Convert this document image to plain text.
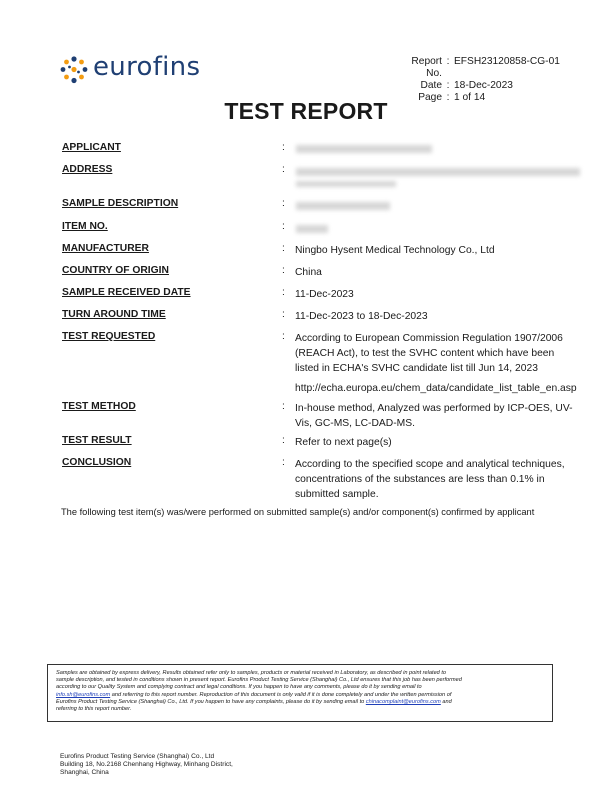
eurofins	Report No.
: EFSH23120858-CG-01
Date : 18-Dec-2023
Page : 1 of 14
TEST REPORT
APPLICANT	:
ADDRESS	:
SAMPLE DESCRIPTION	:
ITEM NO.	:
MANUFACTURER	: Ningbo Hysent Medical Technology Co., Ltd
COUNTRY OF ORIGIN	: China
SAMPLE RECEIVED DATE	: 11-Dec-2023
TURN AROUND TIME	: 11-Dec-2023 to 18-Dec-2023
TEST REQUESTED	: According to European Commission Regulation 1907/2006
(REACH Act), to test the SVHC content which have been
listed in ECHA's SVHC candidate list till Jun 14, 2023
http://echa.europa.eu/chem_data/candidate_list_table_en.asp
TEST METHOD	: In-house method, Analyzed was performed by ICP-OES, UV-
Vis, GC-MS, LC-DAD-MS.
TEST RESULT	: Refer to next page(s)
CONCLUSION	: According to the specified scope and analytical techniques,
concentrations of the substances are less than 0.1% in
submitted sample.
The following test item(s) was/were performed on submitted sample(s) and/or component(s) confirmed by applicant
Samples are obtained by express delivery, Results obtained refer only to samples, products or material received in Laboratory, as described in point related to
sample description, and tested in conditions shown in present report. Eurofins Product Testing Service (Shanghai) Co., Ltd ensures that this job has been performed
according to our Quality System and complying contract and legal conditions. If you happen to have any comments, please do it by sending email to
info.sh@eurofins.com and referring to this report number. Reproduction of this document is only valid if it is done completely and under the written permission of
Eurofins Product Testing Service (Shanghai) Co., Ltd. If you happen to have any complaints, please do it by sending email to chinacomplaint@eurofins.com and
referring to this report number.
Eurofins Product Testing Service (Shanghai) Co., Ltd
Building 18, No.2168 Chenhang Highway, Minhang District,
Shanghai, China
